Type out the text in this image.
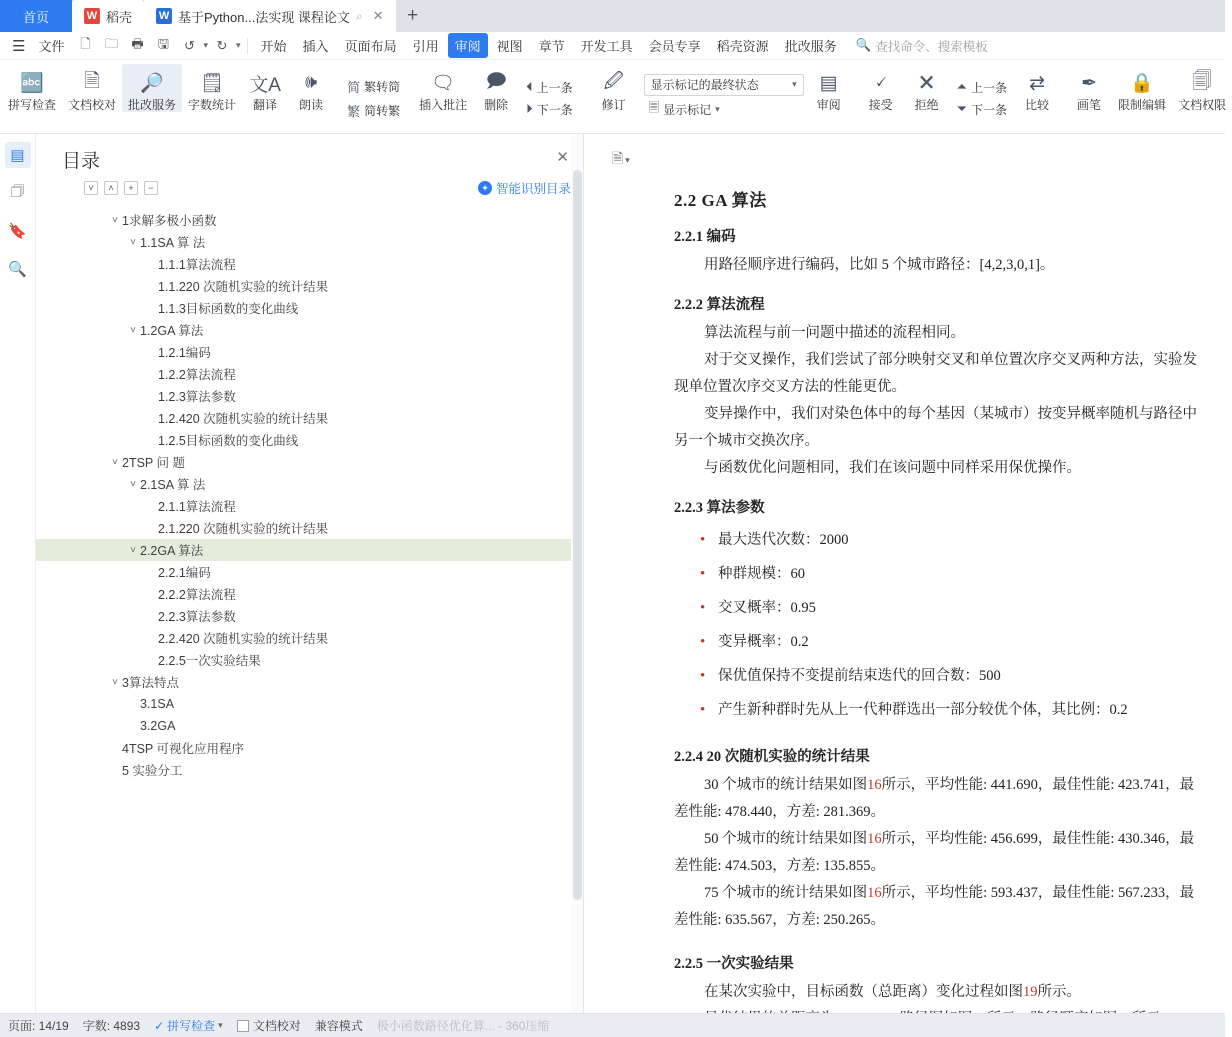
首页	W 稻壳 W 基于Python...法实现 课程论文 ⌕ ✕	+
☰	文件	🗋	🗀	🖶	🖫	↺ ▾ ↻ ▾	开始	插入	页面布局	引用	审阅	视图	章节	开发工具	会员专享	稻壳资源	批改服务	🔍 查找命令、搜索模板
🔤
拼写检查
🗎
文档校对
🔎
批改服务
🗒
字数统计
文A
翻译
🕪
朗读
简 繁转简
繁 简转繁
🗨
插入批注
🗩
删除
⏴ 上一条
⏵ 下一条
🖉
修订
显示标记的最终状态	▾
🗏 显示标记 ▾
▤
审阅
🗸
接受
🗙
拒绝
⏶ 上一条
⏷ 下一条
⇄
比较
✒
画笔
🔒
限制编辑
🗐
文档权限
▤
🗇
🔖
🔍
目录	✕
˅	˄	+	−	✦ 智能识别目录
˅ 1求解多极小函数
˅ 1.1SA 算 法
1.1.1算法流程
1.1.220 次随机实验的统计结果
1.1.3目标函数的变化曲线
˅ 1.2GA 算法
1.2.1编码
1.2.2算法流程
1.2.3算法参数
1.2.420 次随机实验的统计结果
1.2.5目标函数的变化曲线
˅ 2TSP 问 题
˅ 2.1SA 算 法
2.1.1算法流程
2.1.220 次随机实验的统计结果
˅ 2.2GA 算法
2.2.1编码
2.2.2算法流程
2.2.3算法参数
2.2.420 次随机实验的统计结果
2.2.5一次实验结果
˅ 3算法特点
3.1SA
3.2GA
4TSP 可视化应用程序
5 实验分工
🗎 ▾
2.2 GA 算法
2.2.1 编码
用路径顺序进行编码，比如 5 个城市路径：[4,2,3,0,1]。
2.2.2 算法流程
算法流程与前一问题中描述的流程相同。
对于交叉操作，我们尝试了部分映射交叉和单位置次序交叉两种方法，实验发现单位置次序交叉方法的性能更优。
变异操作中，我们对染色体中的每个基因（某城市）按变异概率随机与路径中另一个城市交换次序。
与函数优化问题相同，我们在该问题中同样采用保优操作。
2.2.3 算法参数
• 最大迭代次数：2000
• 种群规模：60
• 交叉概率：0.95
• 变异概率：0.2
• 保优值保持不变提前结束迭代的回合数：500
• 产生新种群时先从上一代种群选出一部分较优个体，其比例：0.2
2.2.4 20 次随机实验的统计结果
30 个城市的统计结果如图16所示，平均性能: 441.690，最佳性能: 423.741，最差性能: 478.440，方差: 281.369。
50 个城市的统计结果如图16所示，平均性能: 456.699，最佳性能: 430.346，最差性能: 474.503，方差: 135.855。
75 个城市的统计结果如图16所示，平均性能: 593.437，最佳性能: 567.233，最差性能: 635.567，方差: 250.265。
2.2.5 一次实验结果
在某次实验中，目标函数（总距离）变化过程如图19所示。
页面: 14/19 字数: 4893 ✓ 拼写检查 ▾	文档校对 兼容模式 极小函数路径优化算... - 360压缩
